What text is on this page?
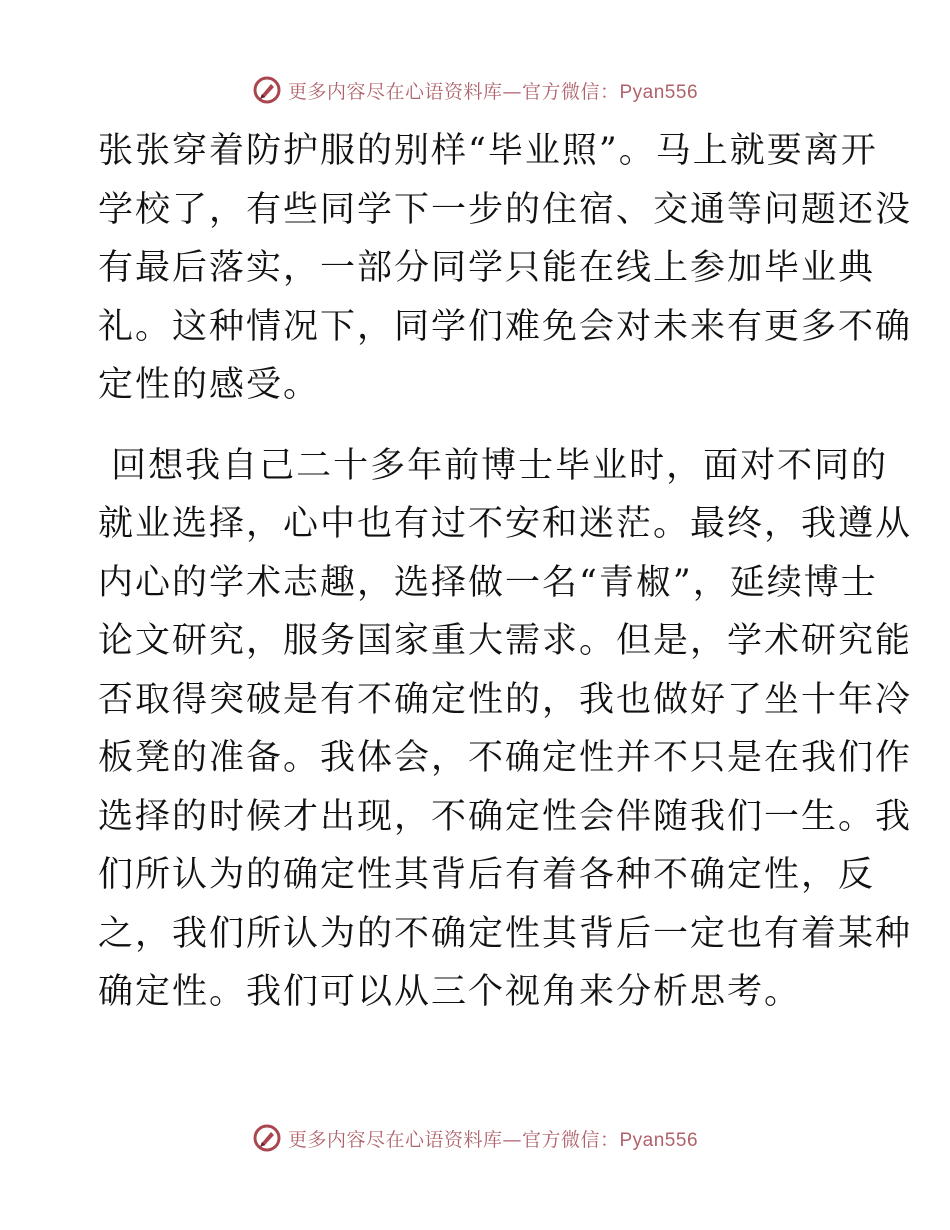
更多内容尽在心语资料库—官方微信：Pyan556

张张穿着防护服的别样“毕业照”。马上就要离开
学校了，有些同学下一步的住宿、交通等问题还没
有最后落实，一部分同学只能在线上参加毕业典
礼。这种情况下，同学们难免会对未来有更多不确
定性的感受。

回想我自己二十多年前博士毕业时，面对不同的
就业选择，心中也有过不安和迷茫。最终，我遵从
内心的学术志趣，选择做一名“青椒”，延续博士
论文研究，服务国家重大需求。但是，学术研究能
否取得突破是有不确定性的，我也做好了坐十年冷
板凳的准备。我体会，不确定性并不只是在我们作
选择的时候才出现，不确定性会伴随我们一生。我
们所认为的确定性其背后有着各种不确定性，反
之，我们所认为的不确定性其背后一定也有着某种
确定性。我们可以从三个视角来分析思考。

更多内容尽在心语资料库—官方微信：Pyan556
